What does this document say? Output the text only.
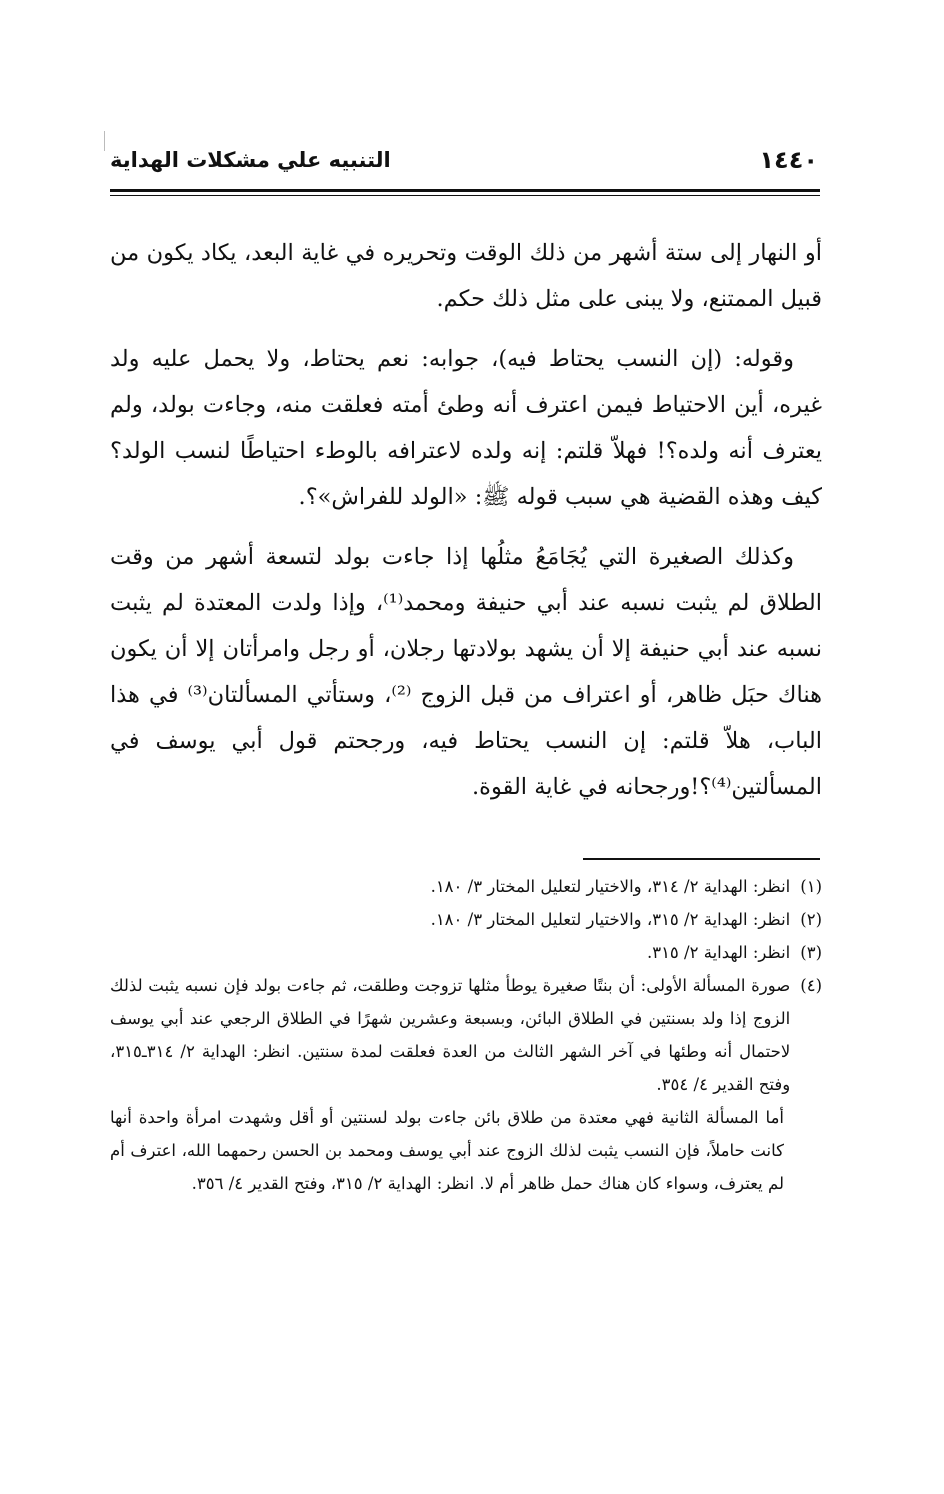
١٤٤٠
التنبيه علي مشكلات الهداية

أو النهار إلى ستة أشهر من ذلك الوقت وتحريره في غاية البعد، يكاد يكون من قبيل الممتنع، ولا يبنى على مثل ذلك حكم.

وقوله: (إن النسب يحتاط فيه)، جوابه: نعم يحتاط، ولا يحمل عليه ولد غيره، أين الاحتياط فيمن اعترف أنه وطئ أمته فعلقت منه، وجاءت بولد، ولم يعترف أنه ولده؟! فهلاّ قلتم: إنه ولده لاعترافه بالوطء احتياطًا لنسب الولد؟ كيف وهذه القضية هي سبب قوله ﷺ: «الولد للفراش»؟.

وكذلك الصغيرة التي يُجَامَعُ مثلُها إذا جاءت بولد لتسعة أشهر من وقت الطلاق لم يثبت نسبه عند أبي حنيفة ومحمد⁽¹⁾، وإذا ولدت المعتدة لم يثبت نسبه عند أبي حنيفة إلا أن يشهد بولادتها رجلان، أو رجل وامرأتان إلا أن يكون هناك حبَل ظاهر، أو اعتراف من قبل الزوج ⁽²⁾، وستأتي المسألتان⁽³⁾ في هذا الباب، هلاّ قلتم: إن النسب يحتاط فيه، ورجحتم قول أبي يوسف في المسألتين⁽⁴⁾؟!ورجحانه في غاية القوة.

(١)
انظر: الهداية ٢/ ٣١٤، والاختيار لتعليل المختار ٣/ ١٨٠.
(٢)
انظر: الهداية ٢/ ٣١٥، والاختيار لتعليل المختار ٣/ ١٨٠.
(٣)
انظر: الهداية ٢/ ٣١٥.
(٤)
صورة المسألة الأولى: أن بنتًا صغيرة يوطأ مثلها تزوجت وطلقت، ثم جاءت بولد فإن نسبه يثبت لذلك الزوج إذا ولد بسنتين في الطلاق البائن، وبسبعة وعشرين شهرًا في الطلاق الرجعي عند أبي يوسف لاحتمال أنه وطئها في آخر الشهر الثالث من العدة فعلقت لمدة سنتين. انظر: الهداية ٢/ ٣١٤ـ٣١٥، وفتح القدير ٤/ ٣٥٤.

أما المسألة الثانية فهي معتدة من طلاق بائن جاءت بولد لسنتين أو أقل وشهدت امرأة واحدة أنها كانت حاملاً، فإن النسب يثبت لذلك الزوج عند أبي يوسف ومحمد بن الحسن رحمهما الله، اعترف أم لم يعترف، وسواء كان هناك حمل ظاهر أم لا. انظر: الهداية ٢/ ٣١٥، وفتح القدير ٤/ ٣٥٦.
